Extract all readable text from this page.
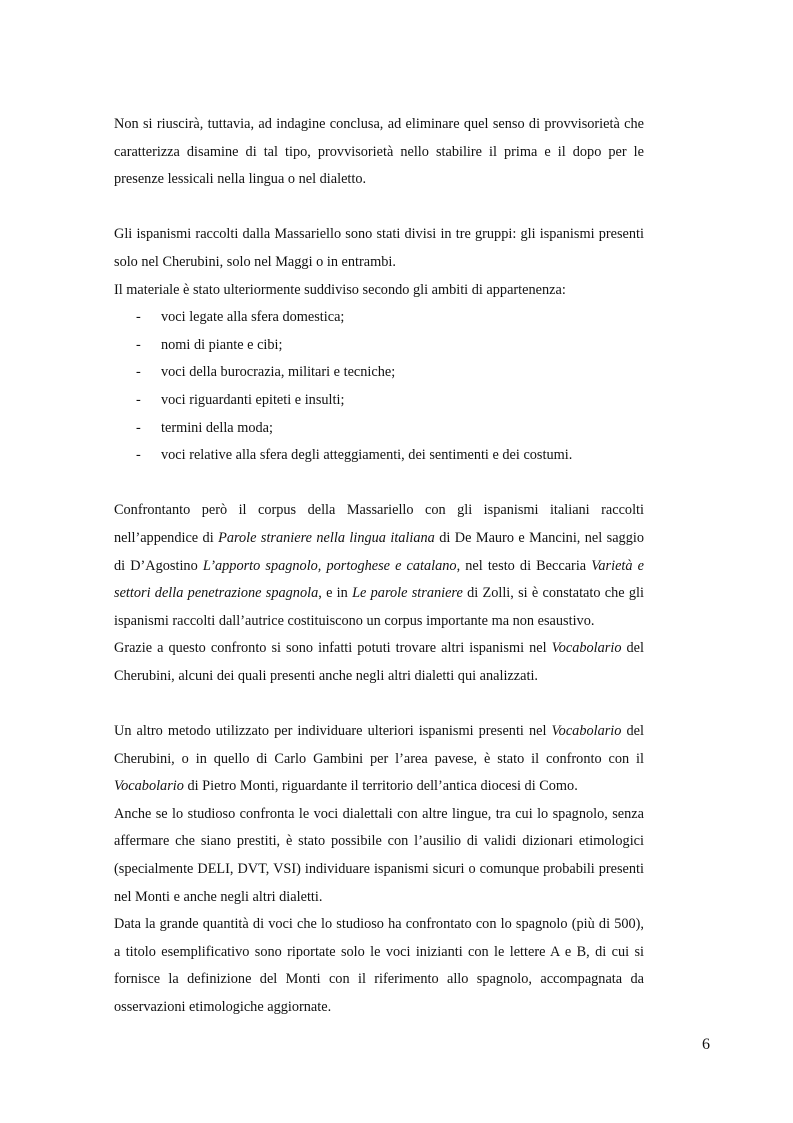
Non si riuscirà, tuttavia, ad indagine conclusa, ad eliminare quel senso di provvisorietà che caratterizza disamine di tal tipo, provvisorietà nello stabilire il prima e il dopo per le presenze lessicali nella lingua o nel dialetto.

Gli ispanismi raccolti dalla Massariello sono stati divisi in tre gruppi: gli ispanismi presenti solo nel Cherubini, solo nel Maggi o in entrambi.

Il materiale è stato ulteriormente suddiviso secondo gli ambiti di appartenenza:

- voci legate alla sfera domestica;
- nomi di piante e cibi;
- voci della burocrazia, militari e tecniche;
- voci riguardanti epiteti e insulti;
- termini della moda;
- voci relative alla sfera degli atteggiamenti, dei sentimenti e dei costumi.

Confrontanto però il corpus della Massariello con gli ispanismi italiani raccolti nell’appendice di Parole straniere nella lingua italiana di De Mauro e Mancini, nel saggio di D’Agostino L’apporto spagnolo, portoghese e catalano, nel testo di Beccaria Varietà e settori della penetrazione spagnola, e in Le parole straniere di Zolli, si è constatato che gli ispanismi raccolti dall’autrice costituiscono un corpus importante ma non esaustivo.

Grazie a questo confronto si sono infatti potuti trovare altri ispanismi nel Vocabolario del Cherubini, alcuni dei quali presenti anche negli altri dialetti qui analizzati.

Un altro metodo utilizzato per individuare ulteriori ispanismi presenti nel Vocabolario del Cherubini, o in quello di Carlo Gambini per l’area pavese, è stato il confronto con il Vocabolario di Pietro Monti, riguardante il territorio dell’antica diocesi di Como.

Anche se lo studioso confronta le voci dialettali con altre lingue, tra cui lo spagnolo, senza affermare che siano prestiti, è stato possibile con l’ausilio di validi dizionari etimologici (specialmente DELI, DVT, VSI) individuare ispanismi sicuri o comunque probabili presenti nel Monti e anche negli altri dialetti.

Data la grande quantità di voci che lo studioso ha confrontato con lo spagnolo (più di 500), a titolo esemplificativo sono riportate solo le voci inizianti con le lettere A e B, di cui si fornisce la definizione del Monti con il riferimento allo spagnolo, accompagnata da osservazioni etimologiche aggiornate.

6
